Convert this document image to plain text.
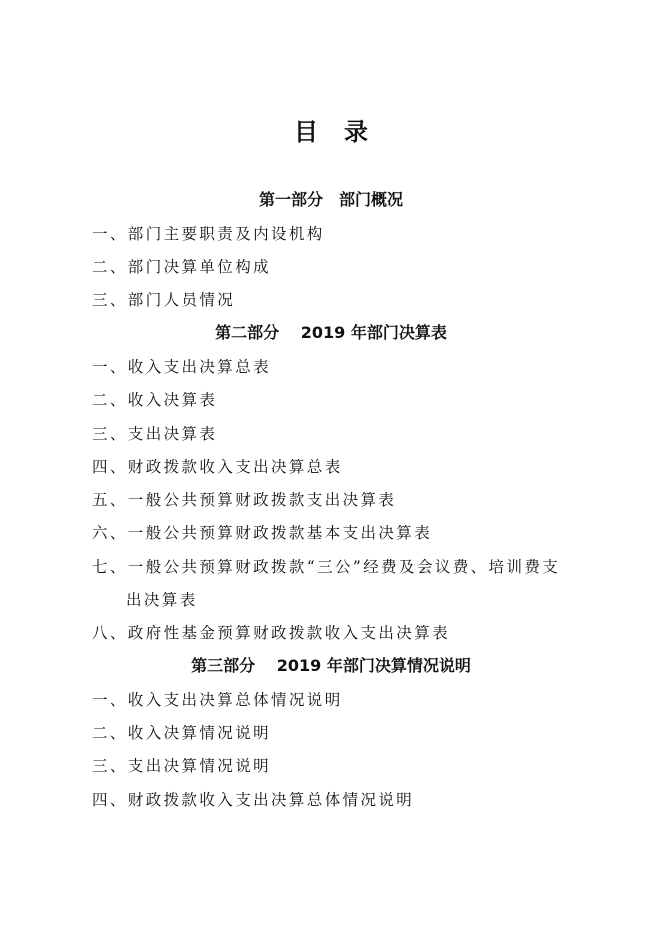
目录
第一部分　部门概况
一、部门主要职责及内设机构
二、部门决算单位构成
三、部门人员情况
第二部分　 2019 年部门决算表
一、收入支出决算总表
二、收入决算表
三、支出决算表
四、财政拨款收入支出决算总表
五、一般公共预算财政拨款支出决算表
六、一般公共预算财政拨款基本支出决算表
七、一般公共预算财政拨款“三公”经费及会议费、培训费支
出决算表
八、政府性基金预算财政拨款收入支出决算表
第三部分　 2019 年部门决算情况说明
一、收入支出决算总体情况说明
二、收入决算情况说明
三、支出决算情况说明
四、财政拨款收入支出决算总体情况说明
